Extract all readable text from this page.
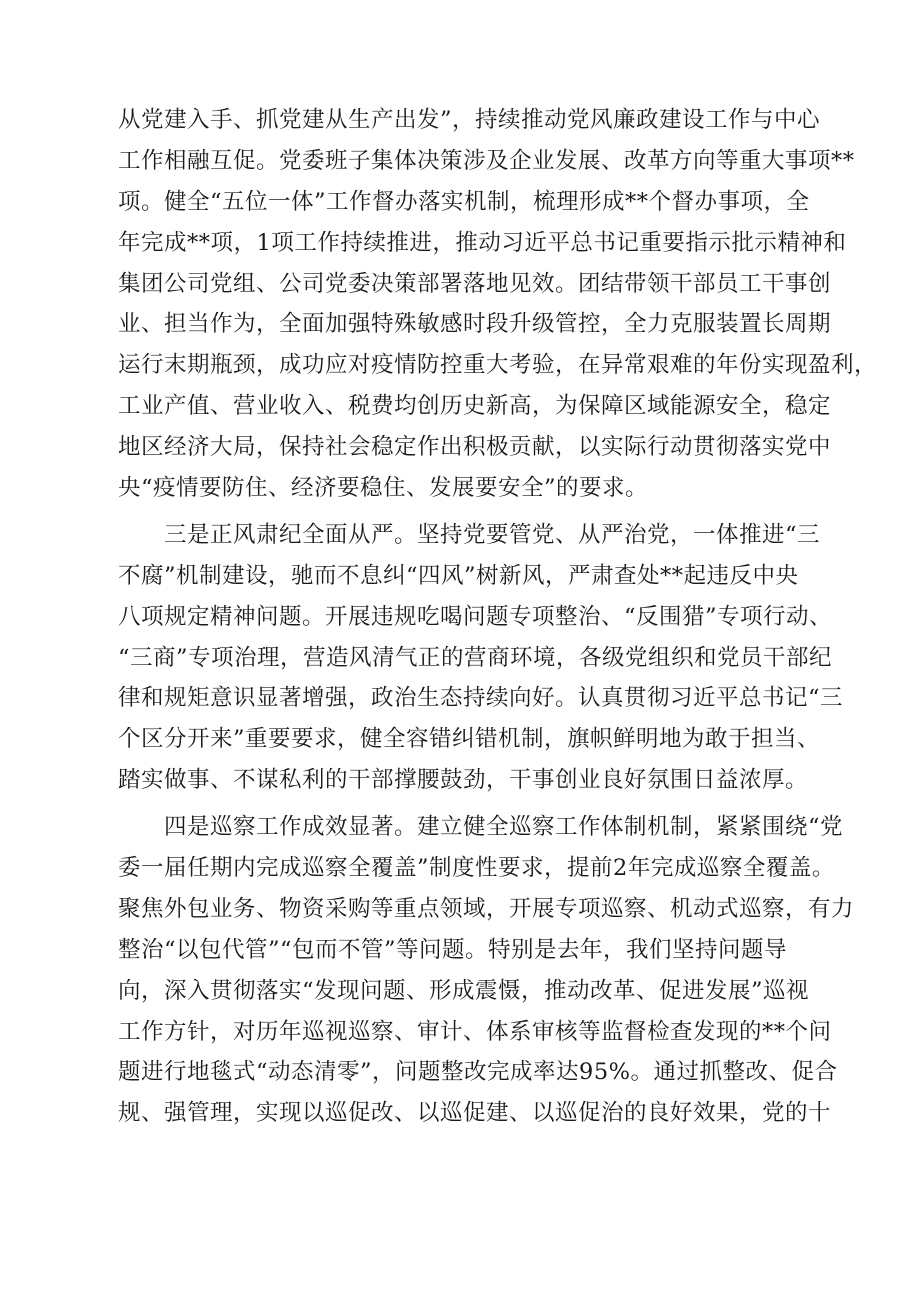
从党建入手、抓党建从生产出发”，持续推动党风廉政建设工作与中心
工作相融互促。党委班子集体决策涉及企业发展、改革方向等重大事项**
项。健全“五位一体”工作督办落实机制，梳理形成**个督办事项，全
年完成**项，1项工作持续推进，推动习近平总书记重要指示批示精神和
集团公司党组、公司党委决策部署落地见效。团结带领干部员工干事创
业、担当作为，全面加强特殊敏感时段升级管控，全力克服装置长周期
运行末期瓶颈，成功应对疫情防控重大考验，在异常艰难的年份实现盈利，
工业产值、营业收入、税费均创历史新高，为保障区域能源安全，稳定
地区经济大局，保持社会稳定作出积极贡献，以实际行动贯彻落实党中
央“疫情要防住、经济要稳住、发展要安全”的要求。
三是正风肃纪全面从严。坚持党要管党、从严治党，一体推进“三
不腐”机制建设，驰而不息纠“四风”树新风，严肃查处**起违反中央
八项规定精神问题。开展违规吃喝问题专项整治、“反围猎”专项行动、
“三商”专项治理，营造风清气正的营商环境，各级党组织和党员干部纪
律和规矩意识显著增强，政治生态持续向好。认真贯彻习近平总书记“三
个区分开来”重要要求，健全容错纠错机制，旗帜鲜明地为敢于担当、
踏实做事、不谋私利的干部撑腰鼓劲，干事创业良好氛围日益浓厚。
四是巡察工作成效显著。建立健全巡察工作体制机制，紧紧围绕“党
委一届任期内完成巡察全覆盖”制度性要求，提前2年完成巡察全覆盖。
聚焦外包业务、物资采购等重点领域，开展专项巡察、机动式巡察，有力
整治“以包代管”“包而不管”等问题。特别是去年，我们坚持问题导
向，深入贯彻落实“发现问题、形成震慑，推动改革、促进发展”巡视
工作方针，对历年巡视巡察、审计、体系审核等监督检查发现的**个问
题进行地毯式“动态清零”，问题整改完成率达95%。通过抓整改、促合
规、强管理，实现以巡促改、以巡促建、以巡促治的良好效果，党的十
